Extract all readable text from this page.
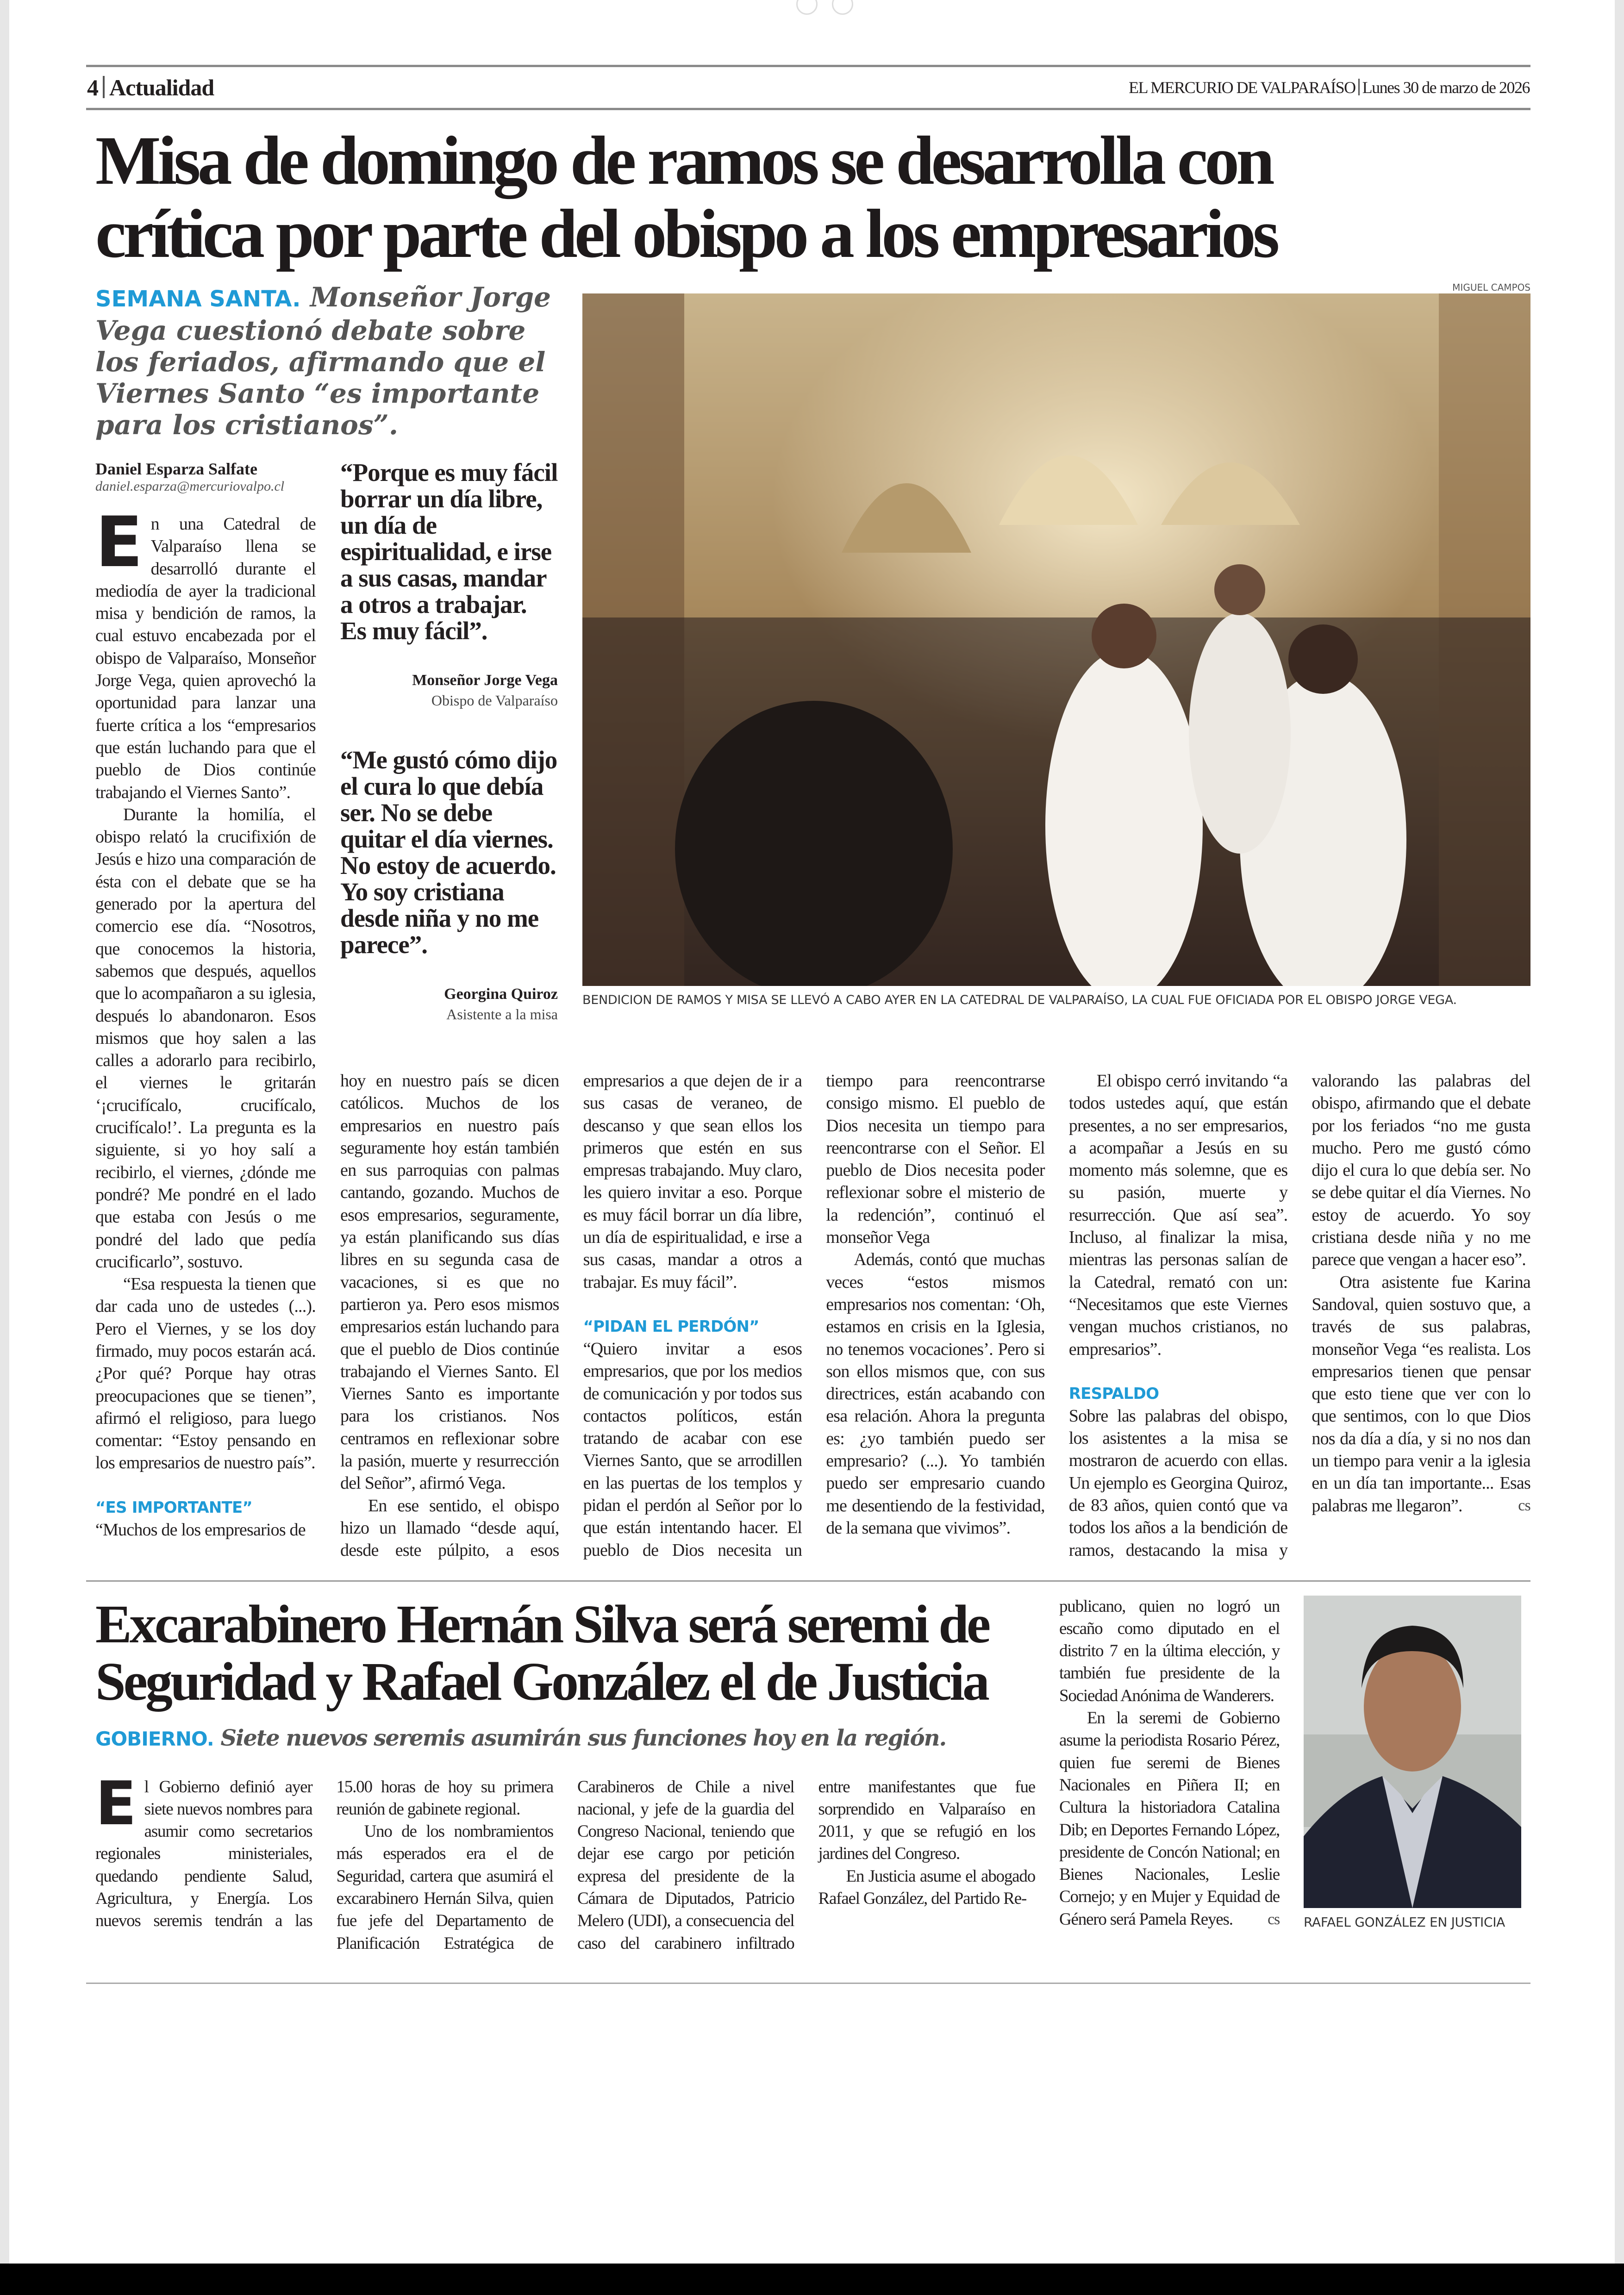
4 Actualidad	EL MERCURIO DE VALPARAÍSO Lunes 30 de marzo de 2026
Misa de domingo de ramos se desarrolla con
crítica por parte del obispo a los empresarios
SEMANA SANTA. Monseñor Jorge Vega cuestionó debate sobre los feriados, afirmando que el Viernes Santo “es importante para los cristianos”.
MIGUEL CAMPOS
BENDICION DE RAMOS Y MISA SE LLEVÓ A CABO AYER EN LA CATEDRAL DE VALPARAÍSO, LA CUAL FUE OFICIADA POR EL OBISPO JORGE VEGA.
Daniel Esparza Salfate
daniel.esparza@mercuriovalpo.cl

En una Catedral de Valparaíso llena se desarrolló durante el mediodía de ayer la tradicional misa y bendición de ramos, la cual estuvo encabezada por el obispo de Valparaíso, Monseñor Jorge Vega, quien aprovechó la oportunidad para lanzar una fuerte crítica a los “empresarios que están luchando para que el pueblo de Dios continúe trabajando el Viernes Santo”.

Durante la homilía, el obispo relató la crucifixión de Jesús e hizo una comparación de ésta con el debate que se ha generado por la apertura del comercio ese día. “Nosotros, que conocemos la historia, sabemos que después, aquellos que lo acompañaron a su iglesia, después lo abandonaron. Esos mismos que hoy salen a las calles a adorarlo para recibirlo, el viernes le gritarán ‘¡crucifícalo, crucifícalo, crucifícalo!’. La pregunta es la siguiente, si yo hoy salí a recibirlo, el viernes, ¿dónde me pondré? Me pondré en el lado que estaba con Jesús o me pondré del lado que pedía crucificarlo”, sostuvo.

“Esa respuesta la tienen que dar cada uno de ustedes (...). Pero el Viernes, y se los doy firmado, muy pocos estarán acá. ¿Por qué? Porque hay otras preocupaciones que se tienen”, afirmó el religioso, para luego comentar: “Estoy pensando en los empresarios de nuestro país”.

“ES IMPORTANTE”

“Muchos de los empresarios de

“Porque es muy fácil borrar un día libre, un día de espiritualidad, e irse a sus casas, mandar a otros a trabajar. Es muy fácil”.
Monseñor Jorge Vega
Obispo de Valparaíso
“Me gustó cómo dijo el cura lo que debía ser. No se debe quitar el día viernes. No estoy de acuerdo. Yo soy cristiana desde niña y no me parece”.
Georgina Quiroz
Asistente a la misa

hoy en nuestro país se dicen católicos. Muchos de los empresarios en nuestro país seguramente hoy están también en sus parroquias con palmas cantando, gozando. Muchos de esos empresarios, seguramente, ya están planificando sus días libres en su segunda casa de vacaciones, si es que no partieron ya. Pero esos mismos empresarios están luchando para que el pueblo de Dios continúe trabajando el Viernes Santo. El Viernes Santo es importante para los cristianos. Nos centramos en reflexionar sobre la pasión, muerte y resurrección del Señor”, afirmó Vega.

En ese sentido, el obispo hizo un llamado “desde aquí, desde este púlpito, a esos empresarios a que dejen de ir a sus casas de veraneo, de descanso y que sean ellos los primeros que estén en sus empresas trabajando. Muy claro, les quiero invitar a eso. Porque es muy fácil borrar un día libre, un día de espiritualidad, e irse a sus casas, mandar a otros a trabajar. Es muy fácil”.

“PIDAN EL PERDÓN”

“Quiero invitar a esos empresarios, que por los medios de comunicación y por todos sus contactos políticos, están tratando de acabar con ese Viernes Santo, que se arrodillen en las puertas de los templos y pidan el perdón al Señor por lo que están intentando hacer. El pueblo de Dios necesita un tiempo para reencontrarse consigo mismo. El pueblo de Dios necesita un tiempo para reencontrarse con el Señor. El pueblo de Dios necesita poder reflexionar sobre el misterio de la redención”, continuó el monseñor Vega

Además, contó que muchas veces “estos mismos empresarios nos comentan: ‘Oh, estamos en crisis en la Iglesia, no tenemos vocaciones’. Pero si son ellos mismos que, con sus directrices, están acabando con esa relación. Ahora la pregunta es: ¿yo también puedo ser empresario? (...). Yo también puedo ser empresario cuando me desentiendo de la festividad, de la semana que vivimos”.

El obispo cerró invitando “a todos ustedes aquí, que están presentes, a no ser empresarios, a acompañar a Jesús en su momento más solemne, que es su pasión, muerte y resurrección. Que así sea”. Incluso, al finalizar la misa, mientras las personas salían de la Catedral, remató con un: “Necesitamos que este Viernes vengan muchos cristianos, no empresarios”.

RESPALDO

Sobre las palabras del obispo, los asistentes a la misa se mostraron de acuerdo con ellas. Un ejemplo es Georgina Quiroz, de 83 años, quien contó que va todos los años a la bendición de ramos, destacando la misa y valorando las palabras del obispo, afirmando que el debate por los feriados “no me gusta mucho. Pero me gustó cómo dijo el cura lo que debía ser. No se debe quitar el día Viernes. No estoy de acuerdo. Yo soy cristiana desde niña y no me parece que vengan a hacer eso”.

Otra asistente fue Karina Sandoval, quien sostuvo que, a través de sus palabras, monseñor Vega “es realista. Los empresarios tienen que pensar que esto tiene que ver con lo que sentimos, con lo que Dios nos da día a día, y si no nos dan un tiempo para venir a la iglesia en un día tan importante... Esas palabras me llegaron”.	cs

Excarabinero Hernán Silva será seremi de
Seguridad y Rafael González el de Justicia
GOBIERNO. Siete nuevos seremis asumirán sus funciones hoy en la región.

El Gobierno definió ayer siete nuevos nombres para asumir como secretarios regionales ministeriales, quedando pendiente Salud, Agricultura, y Energía. Los nuevos seremis tendrán a las 15.00 horas de hoy su primera reunión de gabinete regional.

Uno de los nombramientos más esperados era el de Seguridad, cartera que asumirá el excarabinero Hernán Silva, quien fue jefe del Departamento de Planificación Estratégica de Carabineros de Chile a nivel nacional, y jefe de la guardia del Congreso Nacional, teniendo que dejar ese cargo por petición expresa del presidente de la Cámara de Diputados, Patricio Melero (UDI), a consecuencia del caso del carabinero infiltrado entre manifestantes que fue sorprendido en Valparaíso en 2011, y que se refugió en los jardines del Congreso.

En Justicia asume el abogado Rafael González, del Partido Re-

publicano, quien no logró un escaño como diputado en el distrito 7 en la última elección, y también fue presidente de la Sociedad Anónima de Wanderers.

En la seremi de Gobierno asume la periodista Rosario Pérez, quien fue seremi de Bienes Nacionales en Piñera II; en Cultura la historiadora Catalina Dib; en Deportes Fernando López, presidente de Concón National; en Bienes Nacionales, Leslie Cornejo; y en Mujer y Equidad de Género será Pamela Reyes.	cs RAFAEL GONZÁLEZ EN JUSTICIA
